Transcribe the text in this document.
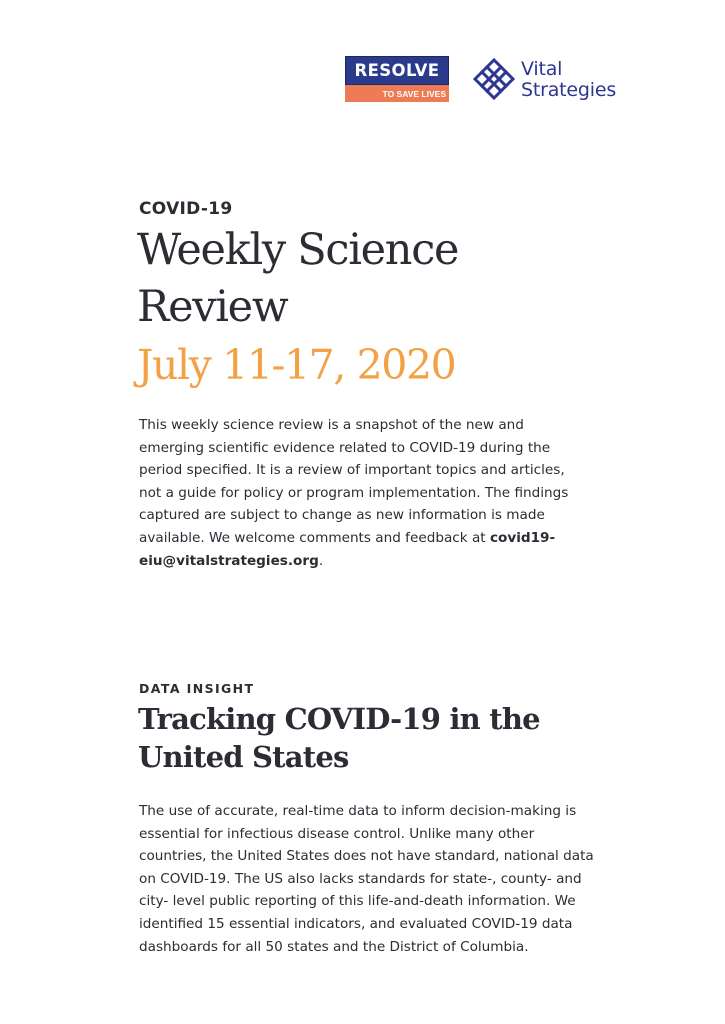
RESOLVE
TO SAVE LIVES
Vital
Strategies
COVID-19
Weekly Science
Review
July 11-17, 2020

This weekly science review is a snapshot of the new and emerging scientific evidence related to COVID-19 during the period specified. It is a review of important topics and articles, not a guide for policy or program implementation. The findings captured are subject to change as new information is made available. We welcome comments and feedback at covid19-eiu@vitalstrategies.org.

DATA INSIGHT
Tracking COVID-19 in the United States

The use of accurate, real-time data to inform decision-making is essential for infectious disease control. Unlike many other countries, the United States does not have standard, national data on COVID-19. The US also lacks standards for state-, county- and city- level public reporting of this life-and-death information. We identified 15 essential indicators, and evaluated COVID-19 data dashboards for all 50 states and the District of Columbia.
